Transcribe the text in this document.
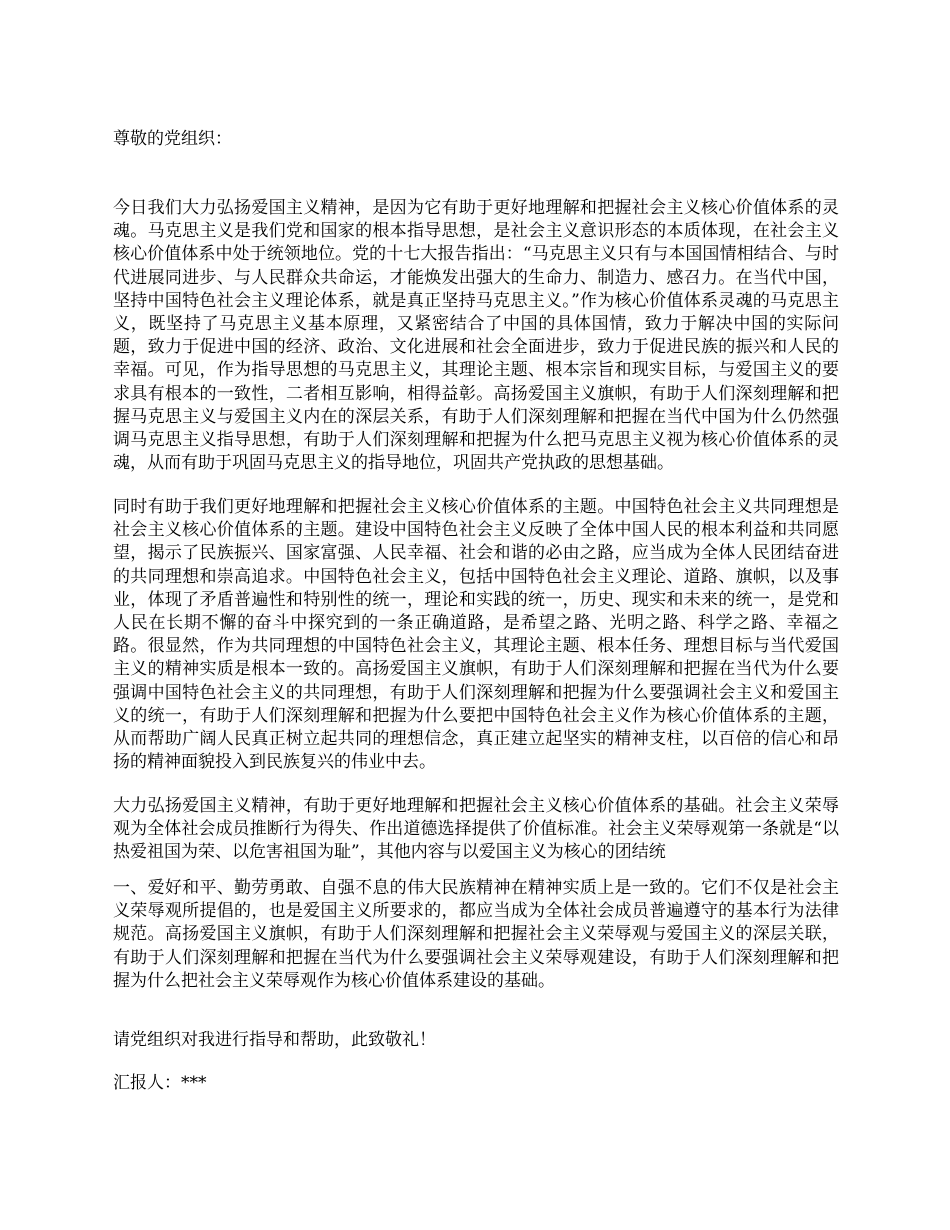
尊敬的党组织：

今日我们大力弘扬爱国主义精神，是因为它有助于更好地理解和把握社会主义核心价值体系的灵魂。马克思主义是我们党和国家的根本指导思想，是社会主义意识形态的本质体现，在社会主义核心价值体系中处于统领地位。党的十七大报告指出：“马克思主义只有与本国国情相结合、与时代进展同进步、与人民群众共命运，才能焕发出强大的生命力、制造力、感召力。在当代中国，坚持中国特色社会主义理论体系，就是真正坚持马克思主义。”作为核心价值体系灵魂的马克思主义，既坚持了马克思主义基本原理，又紧密结合了中国的具体国情，致力于解决中国的实际问题，致力于促进中国的经济、政治、文化进展和社会全面进步，致力于促进民族的振兴和人民的幸福。可见，作为指导思想的马克思主义，其理论主题、根本宗旨和现实目标，与爱国主义的要求具有根本的一致性，二者相互影响，相得益彰。高扬爱国主义旗帜，有助于人们深刻理解和把握马克思主义与爱国主义内在的深层关系，有助于人们深刻理解和把握在当代中国为什么仍然强调马克思主义指导思想，有助于人们深刻理解和把握为什么把马克思主义视为核心价值体系的灵魂，从而有助于巩固马克思主义的指导地位，巩固共产党执政的思想基础。

同时有助于我们更好地理解和把握社会主义核心价值体系的主题。中国特色社会主义共同理想是社会主义核心价值体系的主题。建设中国特色社会主义反映了全体中国人民的根本利益和共同愿望，揭示了民族振兴、国家富强、人民幸福、社会和谐的必由之路，应当成为全体人民团结奋进的共同理想和崇高追求。中国特色社会主义，包括中国特色社会主义理论、道路、旗帜，以及事业，体现了矛盾普遍性和特别性的统一，理论和实践的统一，历史、现实和未来的统一，是党和人民在长期不懈的奋斗中探究到的一条正确道路，是希望之路、光明之路、科学之路、幸福之路。很显然，作为共同理想的中国特色社会主义，其理论主题、根本任务、理想目标与当代爱国主义的精神实质是根本一致的。高扬爱国主义旗帜，有助于人们深刻理解和把握在当代为什么要强调中国特色社会主义的共同理想，有助于人们深刻理解和把握为什么要强调社会主义和爱国主义的统一，有助于人们深刻理解和把握为什么要把中国特色社会主义作为核心价值体系的主题，从而帮助广阔人民真正树立起共同的理想信念，真正建立起坚实的精神支柱，以百倍的信心和昂扬的精神面貌投入到民族复兴的伟业中去。

大力弘扬爱国主义精神，有助于更好地理解和把握社会主义核心价值体系的基础。社会主义荣辱观为全体社会成员推断行为得失、作出道德选择提供了价值标准。社会主义荣辱观第一条就是“以热爱祖国为荣、以危害祖国为耻”，其他内容与以爱国主义为核心的团结统

一、爱好和平、勤劳勇敢、自强不息的伟大民族精神在精神实质上是一致的。它们不仅是社会主义荣辱观所提倡的，也是爱国主义所要求的，都应当成为全体社会成员普遍遵守的基本行为法律规范。高扬爱国主义旗帜，有助于人们深刻理解和把握社会主义荣辱观与爱国主义的深层关联，有助于人们深刻理解和把握在当代为什么要强调社会主义荣辱观建设，有助于人们深刻理解和把握为什么把社会主义荣辱观作为核心价值体系建设的基础。

请党组织对我进行指导和帮助，此致敬礼！

汇报人：***
